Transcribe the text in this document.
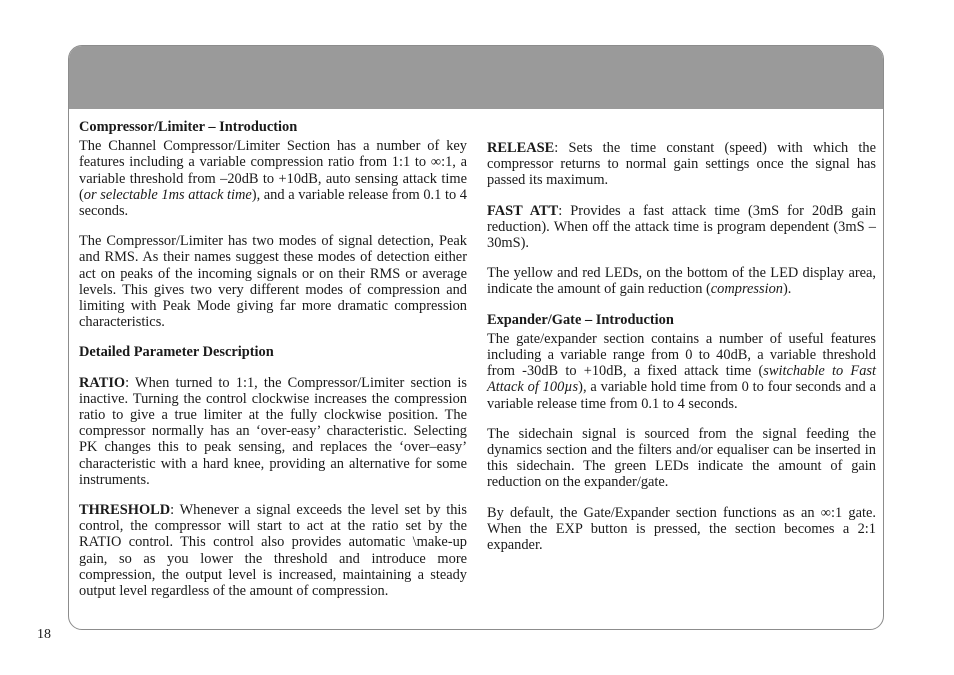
Compressor/Limiter – Introduction

The Channel Compressor/Limiter Section has a number of key features including a variable compression ratio from 1:1 to ∞:1, a variable threshold from –20dB to +10dB, auto sensing attack time (or selectable 1ms attack time), and a variable release from 0.1 to 4 seconds.

The Compressor/Limiter has two modes of signal detection, Peak and RMS. As their names suggest these modes of detection either act on peaks of the incoming signals or on their RMS or average levels. This gives two very different modes of compression and limiting with Peak Mode giving far more dramatic compression characteristics.

Detailed Parameter Description

RATIO: When turned to 1:1, the Compressor/Limiter section is inactive. Turning the control clockwise increases the compression ratio to give a true limiter at the fully clockwise position. The compressor normally has an ‘over-easy’ characteristic. Selecting PK changes this to peak sensing, and replaces the ‘over–easy’ characteristic with a hard knee, providing an alternative for some instruments.

THRESHOLD: Whenever a signal exceeds the level set by this control, the compressor will start to act at the ratio set by the RATIO control. This control also provides automatic \make-up gain, so as you lower the threshold and introduce more compression, the output level is increased, maintaining a steady output level regardless of the amount of compression.

RELEASE: Sets the time constant (speed) with which the compressor returns to normal gain settings once the signal has passed its maximum.

FAST ATT: Provides a fast attack time (3mS for 20dB gain reduction). When off the attack time is program dependent (3mS – 30mS).

The yellow and red LEDs, on the bottom of the LED display area, indicate the amount of gain reduction (compression).

Expander/Gate – Introduction

The gate/expander section contains a number of useful features including a variable range from 0 to 40dB, a variable threshold from -30dB to +10dB, a fixed attack time (switchable to Fast Attack of 100µs), a variable hold time from 0 to four seconds and a variable release time from 0.1 to 4 seconds.

The sidechain signal is sourced from the signal feeding the dynamics section and the filters and/or equaliser can be inserted in this sidechain. The green LEDs indicate the amount of gain reduction on the expander/gate.

By default, the Gate/Expander section functions as an ∞:1 gate. When the EXP button is pressed, the section becomes a 2:1 expander.

18
